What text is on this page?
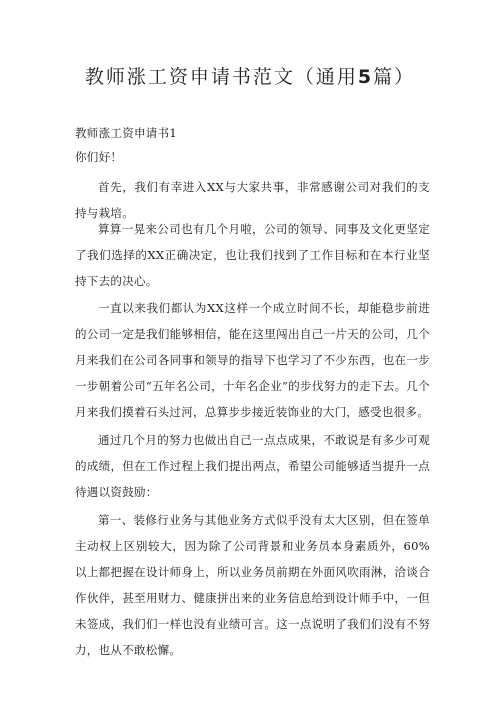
教师涨工资申请书范文（通用5篇）

教师涨工资申请书1

你们好！

首先，我们有幸进入XX与大家共事，非常感谢公司对我们的支持与栽培。

算算一晃来公司也有几个月啦，公司的领导、同事及文化更坚定了我们选择的XX正确决定，也让我们找到了工作目标和在本行业坚持下去的决心。

一直以来我们都认为XX这样一个成立时间不长，却能稳步前进的公司一定是我们能够相信，能在这里闯出自己一片天的公司，几个月来我们在公司各同事和领导的指导下也学习了不少东西，也在一步一步朝着公司“五年名公司，十年名企业”的步伐努力的走下去。几个月来我们摸着石头过河，总算步步接近装饰业的大门，感受也很多。

通过几个月的努力也做出自己一点点成果，不敢说是有多少可观的成绩，但在工作过程上我们提出两点，希望公司能够适当提升一点待遇以资鼓励：

第一、装修行业务与其他业务方式似乎没有太大区别，但在签单主动权上区别较大，因为除了公司背景和业务员本身素质外，60%以上都把握在设计师身上，所以业务员前期在外面风吹雨淋，洽谈合作伙伴，甚至用财力、健康拼出来的业务信息给到设计师手中，一但未签成，我们们一样也没有业绩可言。这一点说明了我们们没有不努力，也从不敢松懈。
